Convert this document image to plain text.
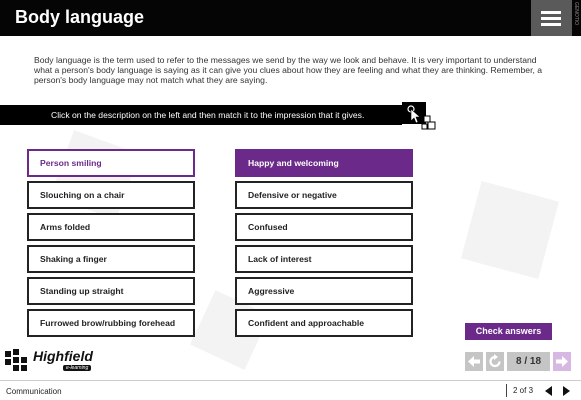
Body language	GENOTIO

Body language is the term used to refer to the messages we send by the way we look and behave. It is very important to understand what a person's body language is saying as it can give you clues about how they are feeling and what they are thinking. Remember, a person's body language may not match what they are saying.

Click on the description on the left and then match it to the impression that it gives.
Person smiling
Slouching on a chair
Arms folded
Shaking a finger
Standing up straight
Furrowed brow/rubbing forehead
Happy and welcoming
Defensive or negative
Confused
Lack of interest
Aggressive
Confident and approachable
Check answers
8 / 18
Highfield
e-learning
Communication	2 of 3
